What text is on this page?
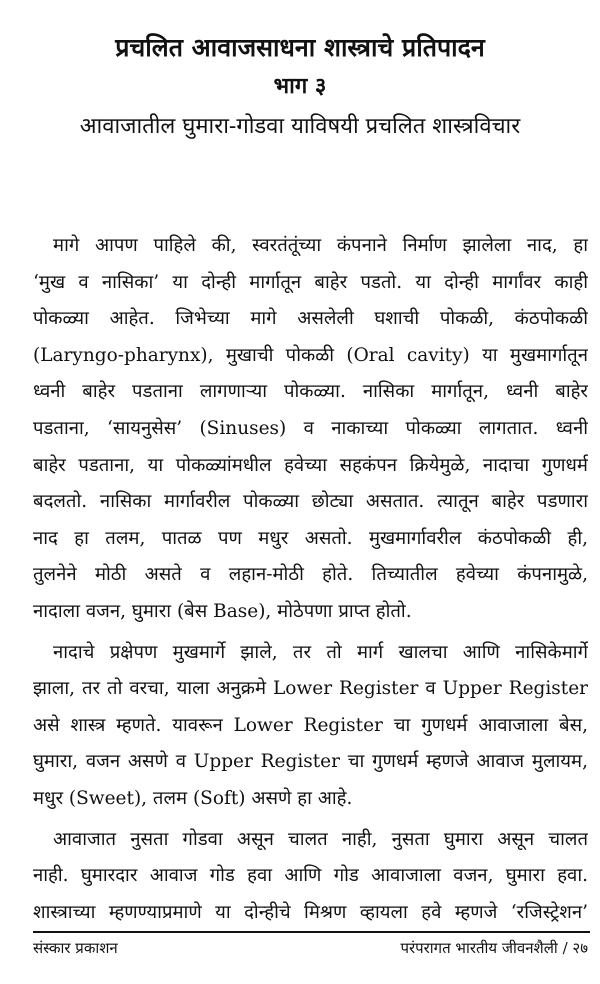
प्रचलित आवाजसाधना शास्त्राचे प्रतिपादन
भाग ३
आवाजातील घुमारा-गोडवा याविषयी प्रचलित शास्त्रविचार
मागे आपण पाहिले की, स्वरतंतूंच्या कंपनाने निर्माण झालेला नाद, हा
‘मुख व नासिका’ या दोन्ही मार्गातून बाहेर पडतो. या दोन्ही मार्गांवर काही
पोकळ्या आहेत. जिभेच्या मागे असलेली घशाची पोकळी, कंठपोकळी
(Laryngo-pharynx), मुखाची पोकळी (Oral cavity) या मुखमार्गातून
ध्वनी बाहेर पडताना लागणाऱ्या पोकळ्या. नासिका मार्गातून, ध्वनी बाहेर
पडताना, ‘सायनुसेस’ (Sinuses) व नाकाच्या पोकळ्या लागतात. ध्वनी
बाहेर पडताना, या पोकळ्यांमधील हवेच्या सहकंपन क्रियेमुळे, नादाचा गुणधर्म
बदलतो. नासिका मार्गावरील पोकळ्या छोट्या असतात. त्यातून बाहेर पडणारा
नाद हा तलम, पातळ पण मधुर असतो. मुखमार्गावरील कंठपोकळी ही,
तुलनेने मोठी असते व लहान-मोठी होते. तिच्यातील हवेच्या कंपनामुळे,
नादाला वजन, घुमारा (बेस Base), मोठेपणा प्राप्त होतो.
नादाचे प्रक्षेपण मुखमार्गे झाले, तर तो मार्ग खालचा आणि नासिकेमार्गे
झाला, तर तो वरचा, याला अनुक्रमे Lower Register व Upper Register
असे शास्त्र म्हणते. यावरून Lower Register चा गुणधर्म आवाजाला बेस,
घुमारा, वजन असणे व Upper Register चा गुणधर्म म्हणजे आवाज मुलायम,
मधुर (Sweet), तलम (Soft) असणे हा आहे.
आवाजात नुसता गोडवा असून चालत नाही, नुसता घुमारा असून चालत
नाही. घुमारदार आवाज गोड हवा आणि गोड आवाजाला वजन, घुमारा हवा.
शास्त्राच्या म्हणण्याप्रमाणे या दोन्हीचे मिश्रण व्हायला हवे म्हणजे ‘रजिस्ट्रेशन’
संस्कार प्रकाशन	परंपरागत भारतीय जीवनशैली / २७
